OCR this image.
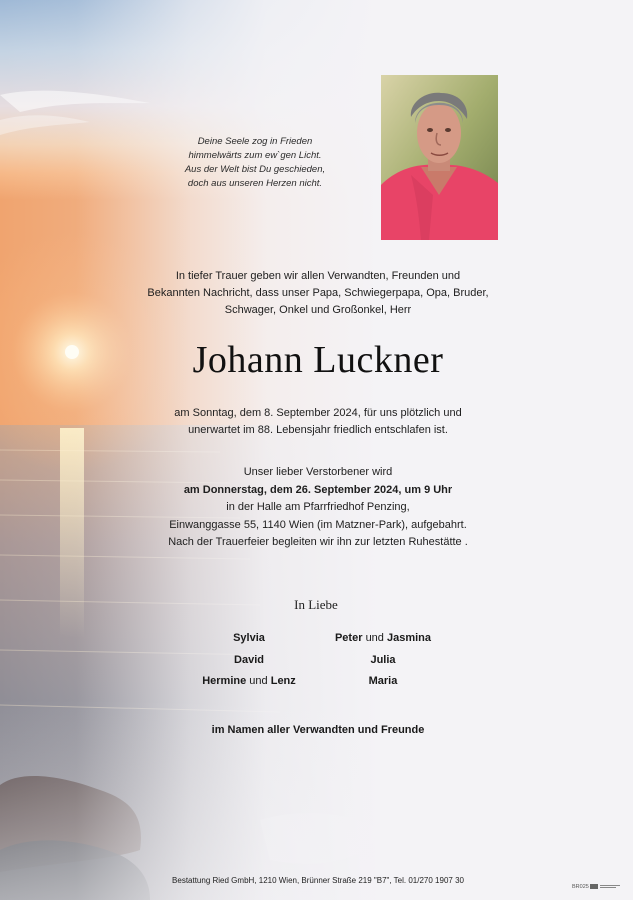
Deine Seele zog in Frieden
himmelwärts zum ew`gen Licht.
Aus der Welt bist Du geschieden,
doch aus unseren Herzen nicht.
In tiefer Trauer geben wir allen Verwandten, Freunden und
Bekannten Nachricht, dass unser Papa, Schwiegerpapa, Opa, Bruder,
Schwager, Onkel und Großonkel, Herr
Johann Luckner
am Sonntag, dem 8. September 2024, für uns plötzlich und
unerwartet im 88. Lebensjahr friedlich entschlafen ist.
Unser lieber Verstorbener wird
am Donnerstag, dem 26. September 2024, um 9 Uhr
in der Halle am Pfarrfriedhof Penzing,
Einwanggasse 55, 1140 Wien (im Matzner-Park), aufgebahrt.
Nach der Trauerfeier begleiten wir ihn zur letzten Ruhestätte .
In Liebe
Sylvia
David
Hermine und Lenz
Peter und Jasmina
Julia
Maria
im Namen aller Verwandten und Freunde
Bestattung Ried GmbH, 1210 Wien, Brünner Straße 219 "B7", Tel. 01/270 1907 30
BR025
